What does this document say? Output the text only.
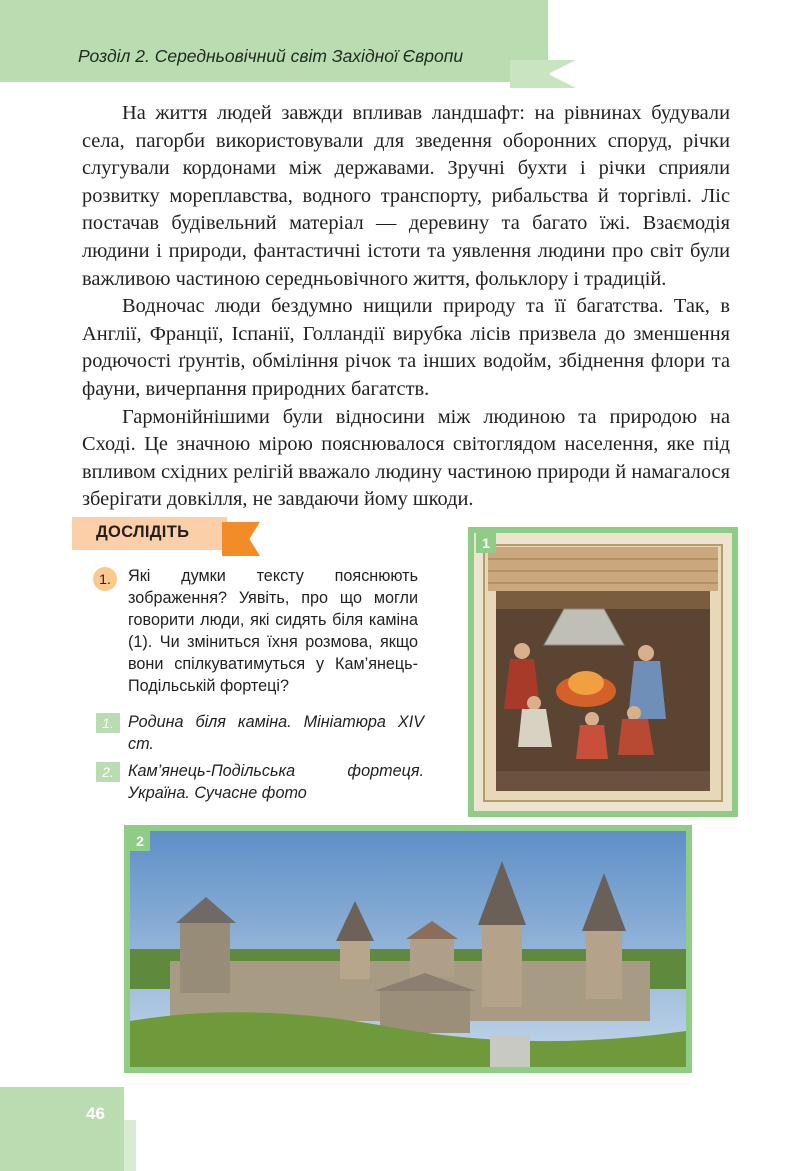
Розділ 2. Середньовічний світ Західної Європи

На життя людей завжди впливав ландшафт: на рівнинах будували села, пагорби використовували для зведення оборонних споруд, річки слугували кордонами між державами. Зручні бухти і річки сприяли розвитку мореплавства, водного транспорту, рибальства й торгівлі. Ліс постачав будівельний матеріал — деревину та багато їжі. Взаємодія людини і природи, фантастичні істоти та уявлення людини про світ були важливою частиною середньовічного життя, фольклору і традицій.

Водночас люди бездумно нищили природу та її багатства. Так, в Англії, Франції, Іспанії, Голландії вирубка лісів призвела до зменшення родючості ґрунтів, обміління річок та інших водойм, збіднення флори та фауни, вичерпання природних багатств.

Гармонійнішими були відносини між людиною та природою на Сході. Це значною мірою пояснювалося світоглядом населення, яке під впливом східних релігій вважало людину частиною природи й намагалося зберігати довкілля, не завдаючи йому шкоди.

ДОСЛІДІТЬ
1.	Які думки тексту пояснюють зображення? Уявіть, про що могли говорити люди, які сидять біля каміна (1). Чи зміниться їхня розмова, якщо вони спілкуватимуться у Кам’янець-Подільській фортеці?
1. Родина біля каміна. Мініатюра XIV ст.
2. Кам’янець-Подільська фортеця. Україна. Сучасне фото
1
2
46
